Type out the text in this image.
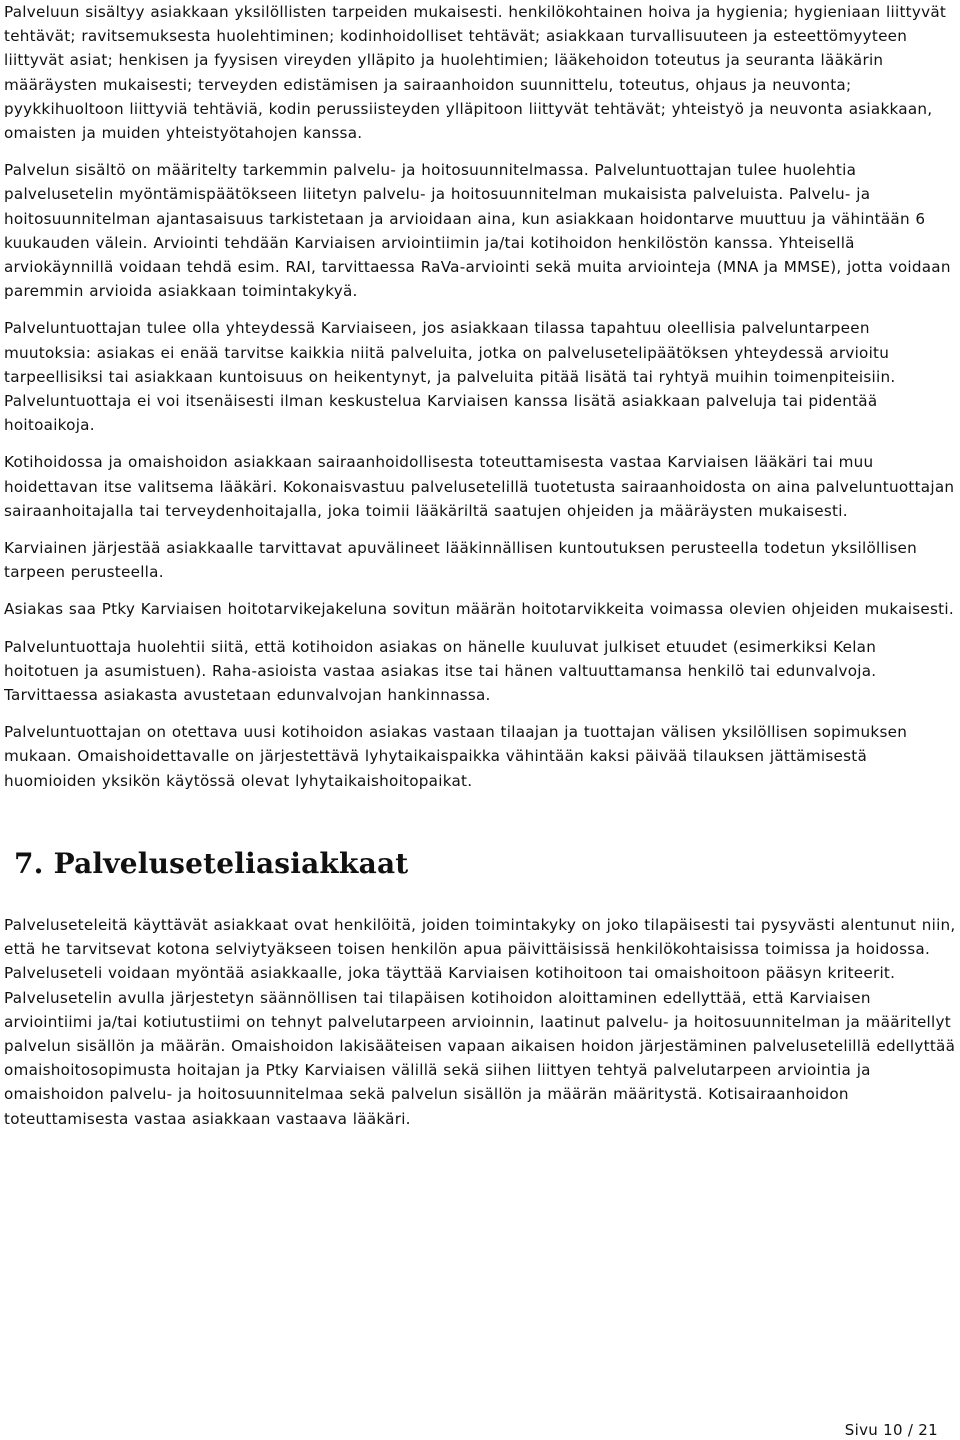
Palveluun sisältyy asiakkaan yksilöllisten tarpeiden mukaisesti. henkilökohtainen hoiva ja hygienia; hygieniaan liittyvät tehtävät; ravitsemuksesta huolehtiminen; kodinhoidolliset tehtävät; asiakkaan turvallisuuteen ja esteettömyyteen liittyvät asiat; henkisen ja fyysisen vireyden ylläpito ja huolehtimien; lääkehoidon toteutus ja seuranta lääkärin määräysten mukaisesti; terveyden edistämisen ja sairaanhoidon suunnittelu, toteutus, ohjaus ja neuvonta; pyykkihuoltoon liittyviä tehtäviä, kodin perussiisteyden ylläpitoon liittyvät tehtävät; yhteistyö ja neuvonta asiakkaan, omaisten ja muiden yhteistyötahojen kanssa.

Palvelun sisältö on määritelty tarkemmin palvelu- ja hoitosuunnitelmassa. Palveluntuottajan tulee huolehtia palvelusetelin myöntämispäätökseen liitetyn palvelu- ja hoitosuunnitelman mukaisista palveluista. Palvelu- ja hoitosuunnitelman ajantasaisuus tarkistetaan ja arvioidaan aina, kun asiakkaan hoidontarve muuttuu ja vähintään 6 kuukauden välein. Arviointi tehdään Karviaisen arviointiimin ja/tai kotihoidon henkilöstön kanssa. Yhteisellä arviokäynnillä voidaan tehdä esim. RAI, tarvittaessa RaVa-arviointi sekä muita arviointeja (MNA ja MMSE), jotta voidaan paremmin arvioida asiakkaan toimintakykyä.

Palveluntuottajan tulee olla yhteydessä Karviaiseen, jos asiakkaan tilassa tapahtuu oleellisia palveluntarpeen muutoksia: asiakas ei enää tarvitse kaikkia niitä palveluita, jotka on palvelusetelipäätöksen yhteydessä arvioitu tarpeellisiksi tai asiakkaan kuntoisuus on heikentynyt, ja palveluita pitää lisätä tai ryhtyä muihin toimenpiteisiin. Palveluntuottaja ei voi itsenäisesti ilman keskustelua Karviaisen kanssa lisätä asiakkaan palveluja tai pidentää hoitoaikoja.

Kotihoidossa ja omaishoidon asiakkaan sairaanhoidollisesta toteuttamisesta vastaa Karviaisen lääkäri tai muu hoidettavan itse valitsema lääkäri. Kokonaisvastuu palvelusetelillä tuotetusta sairaanhoidosta on aina palveluntuottajan sairaanhoitajalla tai terveydenhoitajalla, joka toimii lääkäriltä saatujen ohjeiden ja määräysten mukaisesti.

Karviainen järjestää asiakkaalle tarvittavat apuvälineet lääkinnällisen kuntoutuksen perusteella todetun yksilöllisen tarpeen perusteella.

Asiakas saa Ptky Karviaisen hoitotarvikejakeluna sovitun määrän hoitotarvikkeita voimassa olevien ohjeiden mukaisesti.

Palveluntuottaja huolehtii siitä, että kotihoidon asiakas on hänelle kuuluvat julkiset etuudet (esimerkiksi Kelan hoitotuen ja asumistuen). Raha-asioista vastaa asiakas itse tai hänen valtuuttamansa henkilö tai edunvalvoja. Tarvittaessa asiakasta avustetaan edunvalvojan hankinnassa.

Palveluntuottajan on otettava uusi kotihoidon asiakas vastaan tilaajan ja tuottajan välisen yksilöllisen sopimuksen mukaan. Omaishoidettavalle on järjestettävä lyhytaikaispaikka vähintään kaksi päivää tilauksen jättämisestä huomioiden yksikön käytössä olevat lyhytaikaishoitopaikat.

7. Palveluseteliasiakkaat

Palveluseteleitä käyttävät asiakkaat ovat henkilöitä, joiden toimintakyky on joko tilapäisesti tai pysyvästi alentunut niin, että he tarvitsevat kotona selviytyäkseen toisen henkilön apua päivittäisissä henkilökohtaisissa toimissa ja hoidossa. Palveluseteli voidaan myöntää asiakkaalle, joka täyttää Karviaisen kotihoitoon tai omaishoitoon pääsyn kriteerit. Palvelusetelin avulla järjestetyn säännöllisen tai tilapäisen kotihoidon aloittaminen edellyttää, että Karviaisen arviointiimi ja/tai kotiutustiimi on tehnyt palvelutarpeen arvioinnin, laatinut palvelu- ja hoitosuunnitelman ja määritellyt palvelun sisällön ja määrän. Omaishoidon lakisääteisen vapaan aikaisen hoidon järjestäminen palvelusetelillä edellyttää omaishoitosopimusta hoitajan ja Ptky Karviaisen välillä sekä siihen liittyen tehtyä palvelutarpeen arviointia ja omaishoidon palvelu- ja hoitosuunnitelmaa sekä palvelun sisällön ja määrän määritystä. Kotisairaanhoidon toteuttamisesta vastaa asiakkaan vastaava lääkäri.

Sivu 10 / 21
